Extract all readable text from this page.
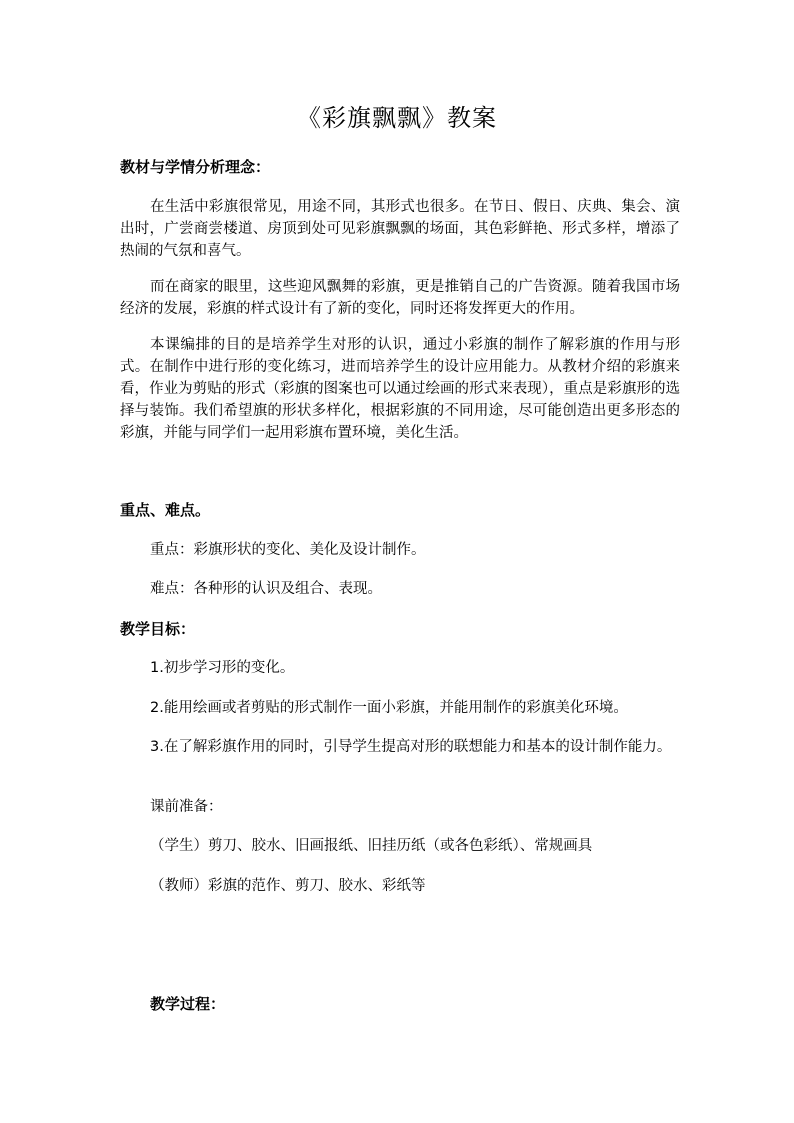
《彩旗飘飘》教案

教材与学情分析理念：

在生活中彩旗很常见，用途不同，其形式也很多。在节日、假日、庆典、集会、演出时，广尝商尝楼道、房顶到处可见彩旗飘飘的场面，其色彩鲜艳、形式多样，增添了热闹的气氛和喜气。

而在商家的眼里，这些迎风飘舞的彩旗，更是推销自己的广告资源。随着我国市场经济的发展，彩旗的样式设计有了新的变化，同时还将发挥更大的作用。

本课编排的目的是培养学生对形的认识，通过小彩旗的制作了解彩旗的作用与形式。在制作中进行形的变化练习，进而培养学生的设计应用能力。从教材介绍的彩旗来看，作业为剪贴的形式（彩旗的图案也可以通过绘画的形式来表现），重点是彩旗形的选择与装饰。我们希望旗的形状多样化，根据彩旗的不同用途，尽可能创造出更多形态的彩旗，并能与同学们一起用彩旗布置环境，美化生活。

重点、难点。

重点：彩旗形状的变化、美化及设计制作。

难点：各种形的认识及组合、表现。

教学目标：

1.初步学习形的变化。

2.能用绘画或者剪贴的形式制作一面小彩旗，并能用制作的彩旗美化环境。

3.在了解彩旗作用的同时，引导学生提高对形的联想能力和基本的设计制作能力。

课前准备：

（学生）剪刀、胶水、旧画报纸、旧挂历纸（或各色彩纸）、常规画具

（教师）彩旗的范作、剪刀、胶水、彩纸等

教学过程：
